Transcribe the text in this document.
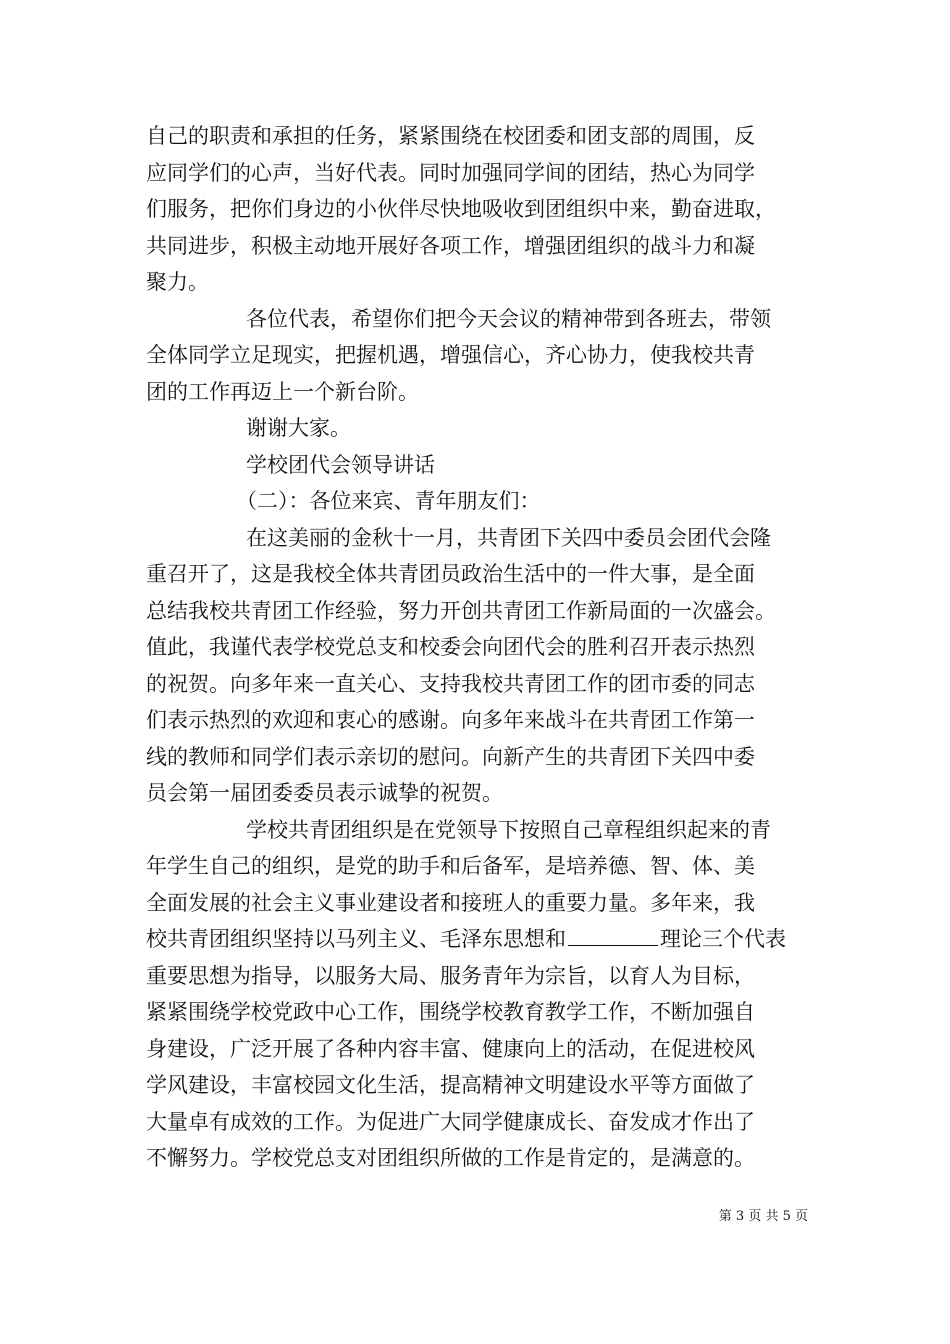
自己的职责和承担的任务，紧紧围绕在校团委和团支部的周围，反
应同学们的心声，当好代表。同时加强同学间的团结，热心为同学
们服务，把你们身边的小伙伴尽快地吸收到团组织中来，勤奋进取，
共同进步，积极主动地开展好各项工作，增强团组织的战斗力和凝
聚力。
各位代表，希望你们把今天会议的精神带到各班去，带领
全体同学立足现实，把握机遇，增强信心，齐心协力，使我校共青
团的工作再迈上一个新台阶。
谢谢大家。
学校团代会领导讲话
（二）：各位来宾、青年朋友们：
在这美丽的金秋十一月，共青团下关四中委员会团代会隆
重召开了，这是我校全体共青团员政治生活中的一件大事，是全面
总结我校共青团工作经验，努力开创共青团工作新局面的一次盛会。
值此，我谨代表学校党总支和校委会向团代会的胜利召开表示热烈
的祝贺。向多年来一直关心、支持我校共青团工作的团市委的同志
们表示热烈的欢迎和衷心的感谢。向多年来战斗在共青团工作第一
线的教师和同学们表示亲切的慰问。向新产生的共青团下关四中委
员会第一届团委委员表示诚挚的祝贺。
学校共青团组织是在党领导下按照自己章程组织起来的青
年学生自己的组织，是党的助手和后备军，是培养德、智、体、美
全面发展的社会主义事业建设者和接班人的重要力量。多年来，我
校共青团组织坚持以马列主义、毛泽东思想和	理论三个代表
重要思想为指导，以服务大局、服务青年为宗旨，以育人为目标，
紧紧围绕学校党政中心工作，围绕学校教育教学工作，不断加强自
身建设，广泛开展了各种内容丰富、健康向上的活动，在促进校风
学风建设，丰富校园文化生活，提高精神文明建设水平等方面做了
大量卓有成效的工作。为促进广大同学健康成长、奋发成才作出了
不懈努力。学校党总支对团组织所做的工作是肯定的，是满意的。
第 3 页 共 5 页
